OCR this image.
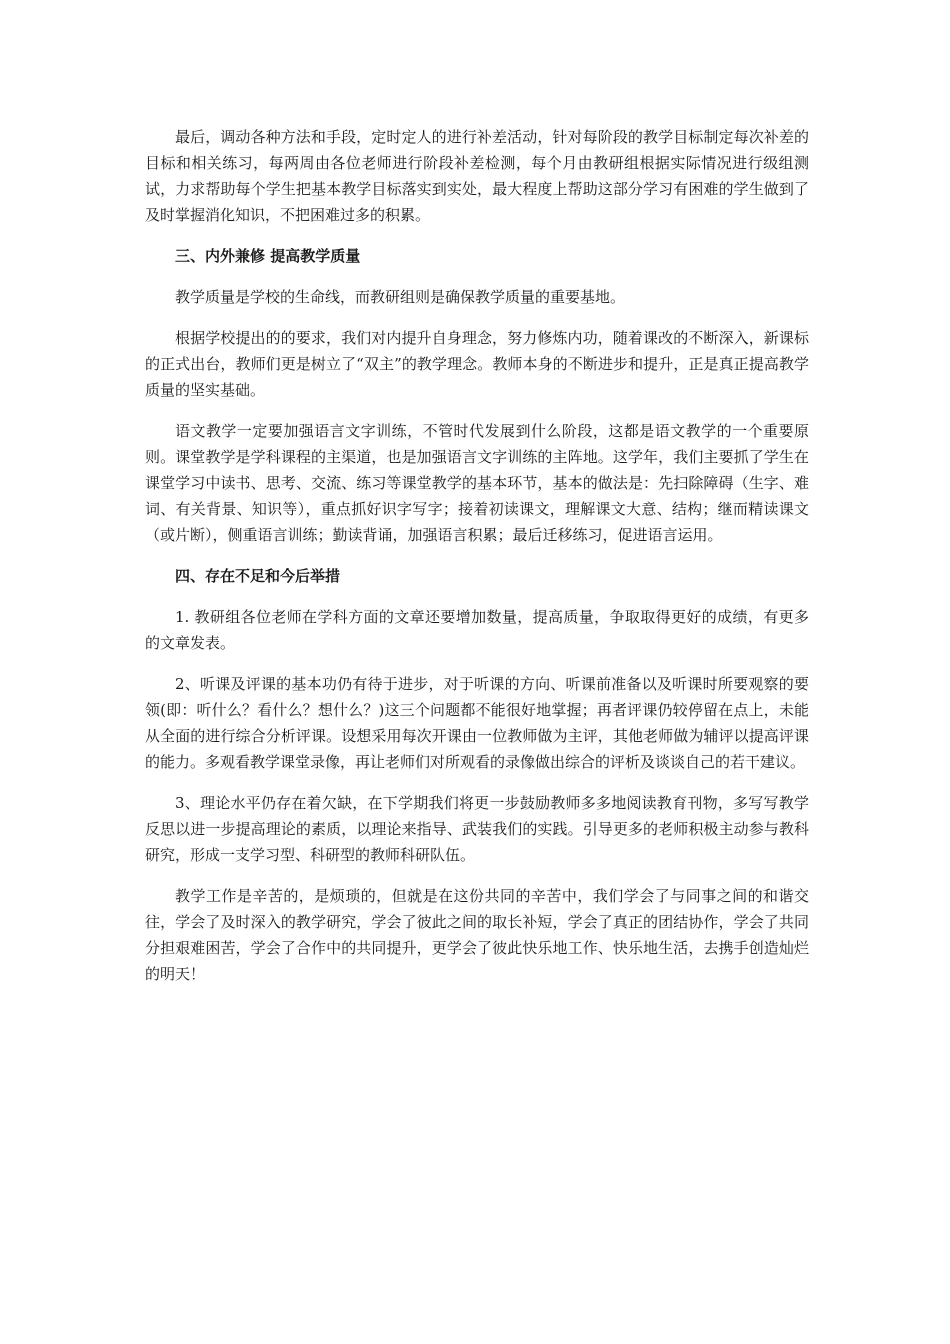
最后，调动各种方法和手段，定时定人的进行补差活动，针对每阶段的教学目标制定每次补差的目标和相关练习，每两周由各位老师进行阶段补差检测，每个月由教研组根据实际情况进行级组测试，力求帮助每个学生把基本教学目标落实到实处，最大程度上帮助这部分学习有困难的学生做到了及时掌握消化知识，不把困难过多的积累。

三、内外兼修 提高教学质量

教学质量是学校的生命线，而教研组则是确保教学质量的重要基地。

根据学校提出的的要求，我们对内提升自身理念，努力修炼内功，随着课改的不断深入，新课标的正式出台，教师们更是树立了“双主”的教学理念。教师本身的不断进步和提升，正是真正提高教学质量的坚实基础。

语文教学一定要加强语言文字训练，不管时代发展到什么阶段，这都是语文教学的一个重要原则。课堂教学是学科课程的主渠道，也是加强语言文字训练的主阵地。这学年，我们主要抓了学生在课堂学习中读书、思考、交流、练习等课堂教学的基本环节，基本的做法是：先扫除障碍（生字、难词、有关背景、知识等），重点抓好识字写字；接着初读课文，理解课文大意、结构；继而精读课文（或片断），侧重语言训练；勤读背诵，加强语言积累；最后迁移练习，促进语言运用。

四、存在不足和今后举措

1. 教研组各位老师在学科方面的文章还要增加数量，提高质量，争取取得更好的成绩，有更多的文章发表。

2、听课及评课的基本功仍有待于进步，对于听课的方向、听课前准备以及听课时所要观察的要领(即：听什么？看什么？想什么？)这三个问题都不能很好地掌握；再者评课仍较停留在点上，未能从全面的进行综合分析评课。设想采用每次开课由一位教师做为主评，其他老师做为辅评以提高评课的能力。多观看教学课堂录像，再让老师们对所观看的录像做出综合的评析及谈谈自己的若干建议。

3、理论水平仍存在着欠缺，在下学期我们将更一步鼓励教师多多地阅读教育刊物，多写写教学反思以进一步提高理论的素质，以理论来指导、武装我们的实践。引导更多的老师积极主动参与教科研究，形成一支学习型、科研型的教师科研队伍。

教学工作是辛苦的，是烦琐的，但就是在这份共同的辛苦中，我们学会了与同事之间的和谐交往，学会了及时深入的教学研究，学会了彼此之间的取长补短，学会了真正的团结协作，学会了共同分担艰难困苦，学会了合作中的共同提升，更学会了彼此快乐地工作、快乐地生活，去携手创造灿烂的明天！
